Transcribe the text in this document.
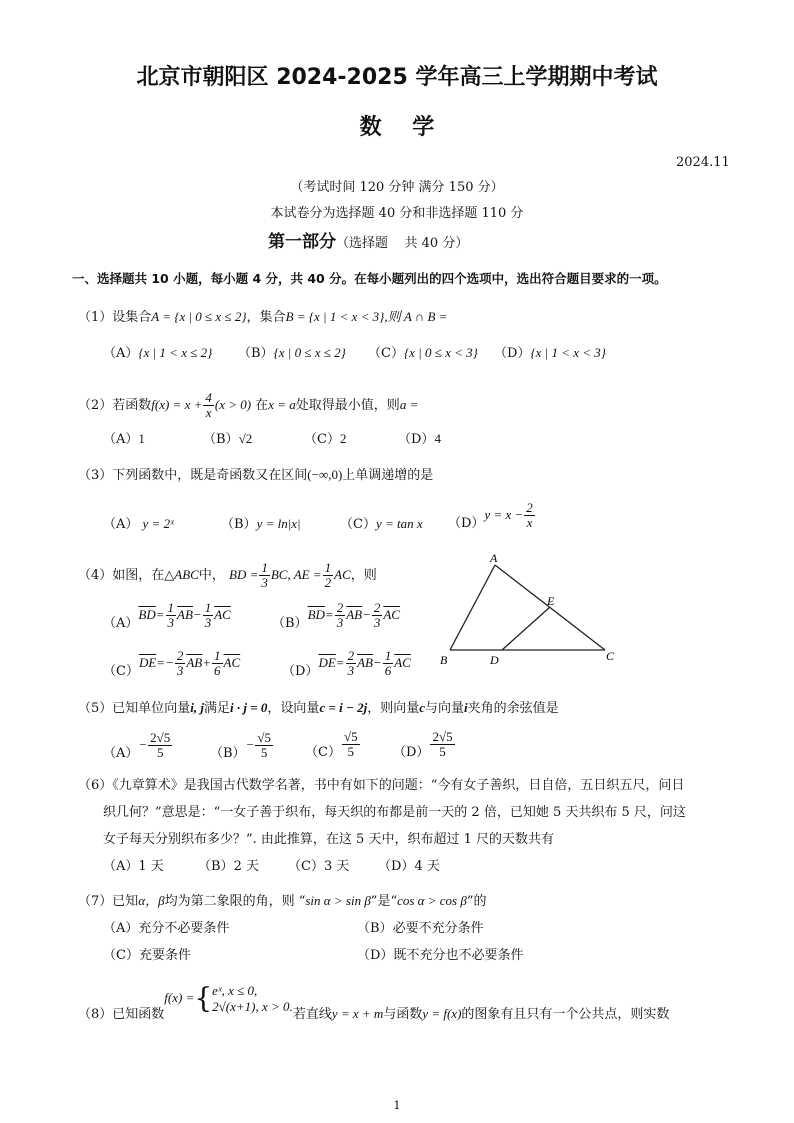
北京市朝阳区 2024-2025 学年高三上学期期中考试
数    学
2024.11
（考试时间 120 分钟 满分 150 分）
本试卷分为选择题 40 分和非选择题 110 分
第一部分（选择题    共 40 分）
一、选择题共 10 小题，每小题 4 分，共 40 分。在每小题列出的四个选项中，选出符合题目要求的一项。
（1）设集合A = {x | 0 ≤ x ≤ 2}，集合B = {x | 1 < x < 3},则 A ∩ B =
（A）{x | 1 < x ≤ 2} （B）{x | 0 ≤ x ≤ 2} （C）{x | 0 ≤ x < 3} （D）{x | 1 < x < 3}
（2）若函数$f(x) = x + \frac{4}{x} (x > 0)$ 在x = a处取得最小值，则a =
（A）1	（B）√2	（C）2	（D）4
（3）下列函数中，既是奇函数又在区间(−∞,0)上单调递增的是
（A） y = 2ˣ	（B）y = ln|x|	（C）y = tan x $(D)y = x - \frac{2}{x}$
（4）如图，在△ABC中， BD = $\frac{1}{3}$ BC, AE = $\frac{1}{2}$ AC，则
$(A)\overline{BD}= \frac{1}{3} \overline{AB}- \frac{1}{3} \overline{AC}$
$(B)\overline{BD}= \frac{2}{3} \overline{AB}- \frac{2}{3} \overline{AC}$
$(C)\overline{DE}=- \frac{2}{3} \overline{AB}+ \frac{1}{6} \overline{AC}$
$(D)\overline{DE}= \frac{2}{3} \overline{AB}- \frac{1}{6} \overline{AC}$
A
B	C
D
E
（5）已知单位向量i, j满足i · j = 0，设向量c = i − 2j，则向量c与向量i夹角的余弦值是
$(A)- \frac{2√5}{5}$	$(B)- \frac{√5}{5} (C) \frac{√5}{5}$	$(D) \frac{2√5}{5}$
（6）《九章算术》是我国古代数学名著，书中有如下的问题：“今有女子善织，日自倍，五日织五尺，问日
织几何？”意思是：“一女子善于织布，每天织的布都是前一天的 2 倍，已知她 5 天共织布 5 尺，问这
女子每天分别织布多少？”. 由此推算，在这 5 天中，织布超过 1 尺的天数共有
（A）1 天	（B）2 天 （C）3 天 （D）4 天
（7）已知α，β均为第二象限的角，则 “sin α > sin β”是“cos α > cos β”的
（A）充分不必要条件	（B）必要不充分条件
（C）充要条件	（D）既不充分也不必要条件
（8）已知函数f(x) ={ eˣ, x ≤ 0,
2√(x+1), x > 0.
若直线y = x + m与函数y = f(x)的图象有且只有一个公共点，则实数
1
